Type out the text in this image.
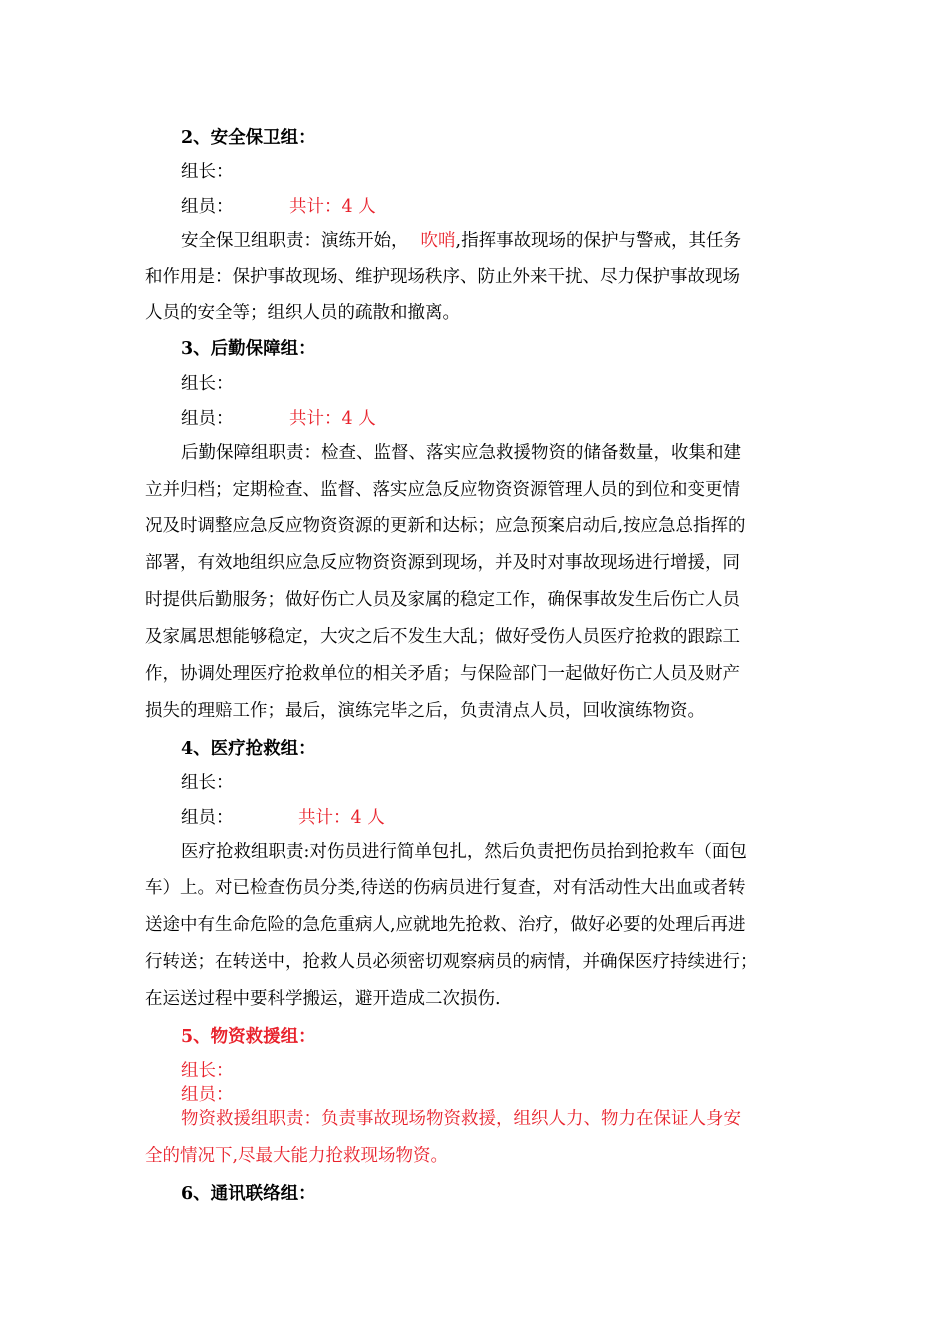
2、安全保卫组：
组长：
组员：	共计：4 人
安全保卫组职责：演练开始， 吹哨,指挥事故现场的保护与警戒，其任务
和作用是：保护事故现场、维护现场秩序、防止外来干扰、尽力保护事故现场
人员的安全等；组织人员的疏散和撤离。
3、后勤保障组：
组长：
组员：	共计：4 人
后勤保障组职责：检查、监督、落实应急救援物资的储备数量，收集和建
立并归档；定期检查、监督、落实应急反应物资资源管理人员的到位和变更情
况及时调整应急反应物资资源的更新和达标；应急预案启动后,按应急总指挥的
部署，有效地组织应急反应物资资源到现场，并及时对事故现场进行增援，同
时提供后勤服务；做好伤亡人员及家属的稳定工作，确保事故发生后伤亡人员
及家属思想能够稳定，大灾之后不发生大乱；做好受伤人员医疗抢救的跟踪工
作，协调处理医疗抢救单位的相关矛盾；与保险部门一起做好伤亡人员及财产
损失的理赔工作；最后，演练完毕之后，负责清点人员，回收演练物资。
4、医疗抢救组：
组长：
组员：	共计：4 人
医疗抢救组职责:对伤员进行简单包扎，然后负责把伤员抬到抢救车（面包
车）上。对已检查伤员分类,待送的伤病员进行复查，对有活动性大出血或者转
送途中有生命危险的急危重病人,应就地先抢救、治疗，做好必要的处理后再进
行转送；在转送中，抢救人员必须密切观察病员的病情，并确保医疗持续进行；
在运送过程中要科学搬运，避开造成二次损伤.
5、物资救援组：
组长：
组员：
物资救援组职责：负责事故现场物资救援，组织人力、物力在保证人身安
全的情况下,尽最大能力抢救现场物资。
6、通讯联络组：
